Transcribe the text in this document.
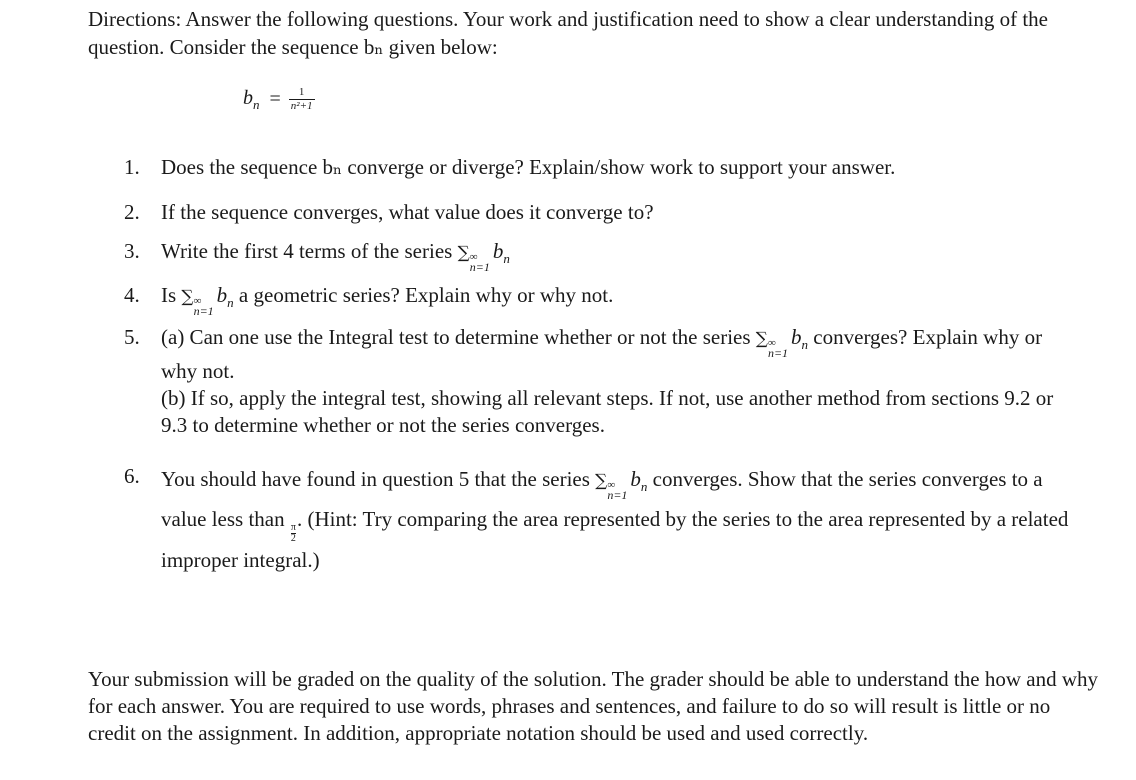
Directions: Answer the following questions. Your work and justification need to show a clear understanding of the question. Consider the sequence bₙ given below:

$b_n = \frac{1}{\text{n²+1}}$
1. Does the sequence bₙ converge or diverge? Explain/show work to support your answer.
2. If the sequence converges, what value does it converge to?
3. Write the first 4 terms of the series ∑ ∞
n=1
$b_n$
4. Is ∑ ∞
n=1
$b_n$ a geometric series? Explain why or why not.
5. (a) Can one use the Integral test to determine whether or not the series ∑ ∞
n=1
$b_n$ converges? Explain why or why not.
(b) If so, apply the integral test, showing all relevant steps. If not, use another method from sections 9.2 or 9.3 to determine whether or not the series converges.
6. You should have found in question 5 that the series ∑ ∞
n=1
$b_n$ converges. Show that the series converges to a value less than
$\frac{\pi}{2}$
. (Hint: Try comparing the area represented by the series to the area represented by a related improper integral.)

Your submission will be graded on the quality of the solution. The grader should be able to understand the how and why for each answer. You are required to use words, phrases and sentences, and failure to do so will result is little or no credit on the assignment. In addition, appropriate notation should be used and used correctly.
